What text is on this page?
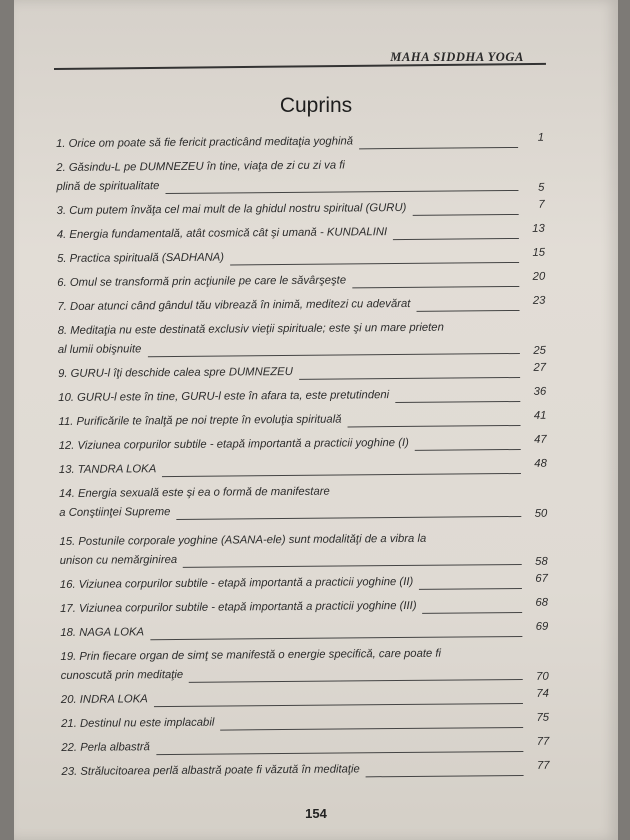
MAHA SIDDHA YOGA
Cuprins
1. Orice om poate să fie fericit practicând meditaţia yoghină	1
2. Găsindu-L pe DUMNEZEU în tine, viaţa de zi cu zi va fi
plină de spiritualitate	5
3. Cum putem învăţa cel mai mult de la ghidul nostru spiritual (GURU)	7
4. Energia fundamentală, atât cosmică cât şi umană - KUNDALINI	13
5. Practica spirituală (SADHANA)	15
6. Omul se transformă prin acţiunile pe care le săvârşeşte	20
7. Doar atunci când gândul tău vibrează în inimă, meditezi cu adevărat	23
8. Meditaţia nu este destinată exclusiv vieţii spirituale; este şi un mare prieten
al lumii obişnuite	25
9. GURU-l îţi deschide calea spre DUMNEZEU	27
10. GURU-l este în tine, GURU-l este în afara ta, este pretutindeni	36
11. Purificările te înalţă pe noi trepte în evoluţia spirituală	41
12. Viziunea corpurilor subtile - etapă importantă a practicii yoghine (I)	47
13. TANDRA LOKA	48
14. Energia sexuală este şi ea o formă de manifestare
a Conştiinţei Supreme	50
15. Postunile corporale yoghine (ASANA-ele) sunt modalităţi de a vibra la
unison cu nemărginirea	58
16. Viziunea corpurilor subtile - etapă importantă a practicii yoghine (II)	67
17. Viziunea corpurilor subtile - etapă importantă a practicii yoghine (III)	68
18. NAGA LOKA	69
19. Prin fiecare organ de simţ se manifestă o energie specifică, care poate fi
cunoscută prin meditaţie	70
20. INDRA LOKA	74
21. Destinul nu este implacabil	75
22. Perla albastră	77
23. Strălucitoarea perlă albastră poate fi văzută în meditaţie	77
154
